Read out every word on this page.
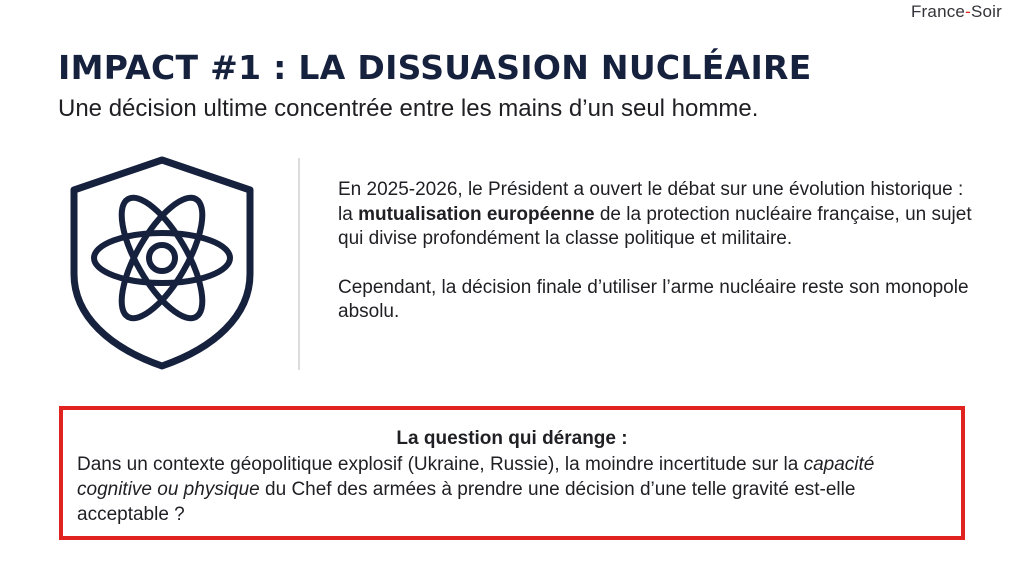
France-Soir
IMPACT #1 : LA DISSUASION NUCLÉAIRE

Une décision ultime concentrée entre les mains d’un seul homme.

En 2025-2026, le Président a ouvert le débat sur une évolution historique : la mutualisation européenne de la protection nucléaire française, un sujet qui divise profondément la classe politique et militaire.

Cependant, la décision finale d’utiliser l’arme nucléaire reste son monopole absolu.

La question qui dérange :
Dans un contexte géopolitique explosif (Ukraine, Russie), la moindre incertitude sur la capacité cognitive ou physique du Chef des armées à prendre une décision d’une telle gravité est-elle acceptable ?
